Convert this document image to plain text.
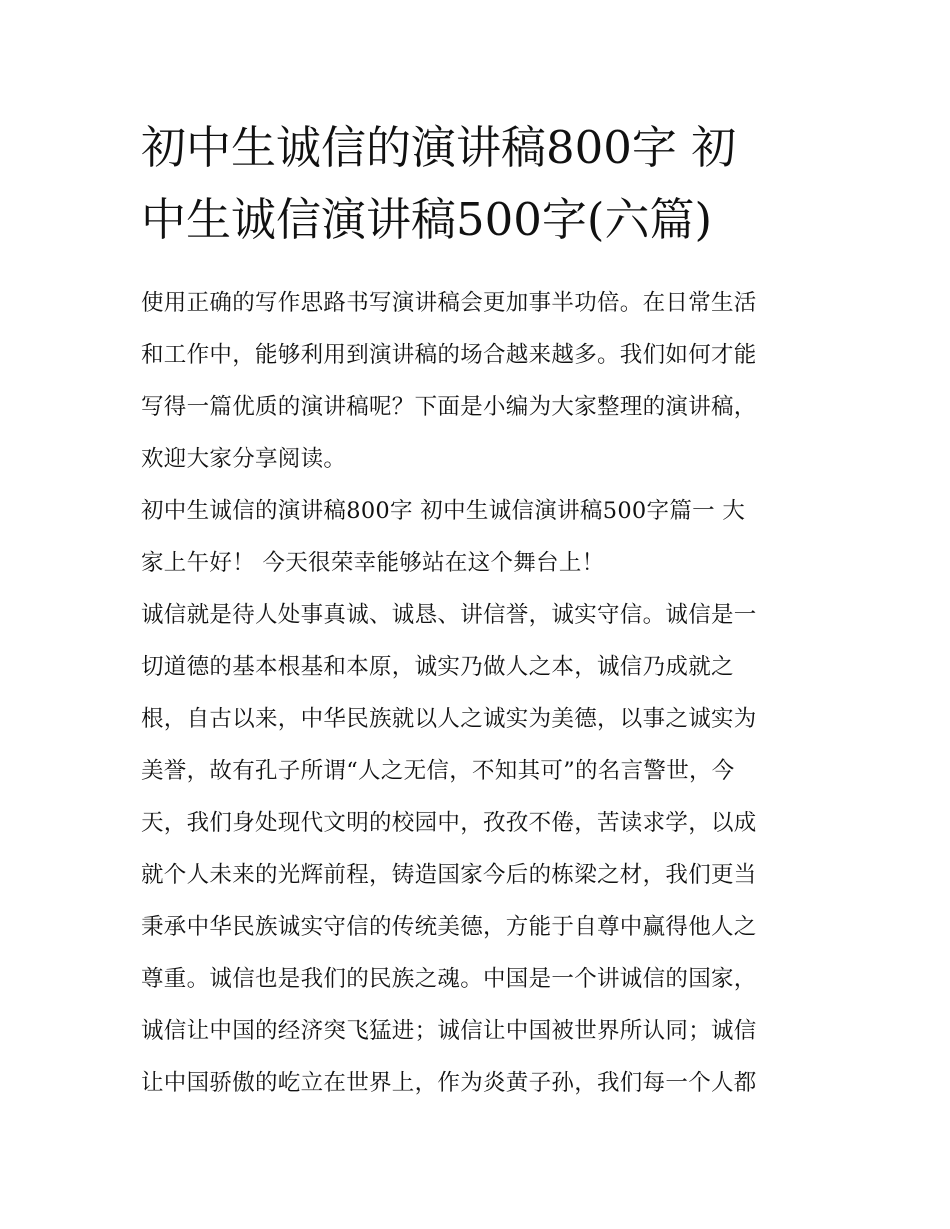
初中生诚信的演讲稿800字 初
中生诚信演讲稿500字(六篇)
使用正确的写作思路书写演讲稿会更加事半功倍。在日常生活
和工作中，能够利用到演讲稿的场合越来越多。我们如何才能
写得一篇优质的演讲稿呢？下面是小编为大家整理的演讲稿，
欢迎大家分享阅读。
初中生诚信的演讲稿800字 初中生诚信演讲稿500字篇一 大
家上午好！ 今天很荣幸能够站在这个舞台上！
诚信就是待人处事真诚、诚恳、讲信誉，诚实守信。诚信是一
切道德的基本根基和本原，诚实乃做人之本，诚信乃成就之
根，自古以来，中华民族就以人之诚实为美德，以事之诚实为
美誉，故有孔子所谓“人之无信，不知其可”的名言警世，今
天，我们身处现代文明的校园中，孜孜不倦，苦读求学，以成
就个人未来的光辉前程，铸造国家今后的栋梁之材，我们更当
秉承中华民族诚实守信的传统美德，方能于自尊中赢得他人之
尊重。诚信也是我们的民族之魂。中国是一个讲诚信的国家，
诚信让中国的经济突飞猛进；诚信让中国被世界所认同；诚信
让中国骄傲的屹立在世界上，作为炎黄子孙，我们每一个人都
